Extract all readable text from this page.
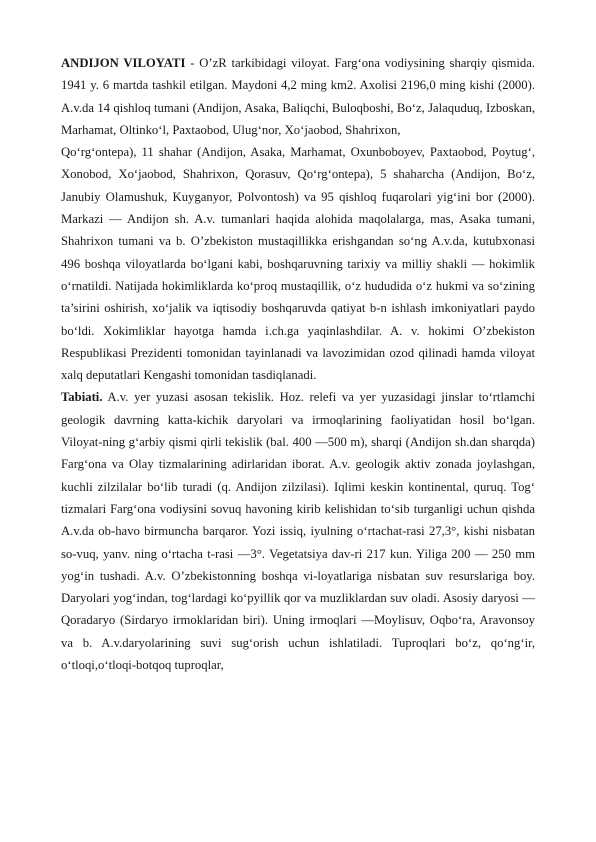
ANDIJON VILOYATI - O’zR tarkibidagi viloyat. Farg‘ona vodiysining sharqiy qismida. 1941 y. 6 martda tashkil etilgan. Maydoni 4,2 ming km2. Axolisi 2196,0 ming kishi (2000). A.v.da 14 qishloq tumani (Andijon, Asaka, Baliqchi, Buloqboshi, Bo‘z, Jalaquduq, Izboskan, Marhamat, Oltinko‘l, Paxtaobod, Ulug‘nor, Xo‘jaobod, Shahrixon,

Qo‘rg‘ontepa), 11 shahar (Andijon, Asaka, Marhamat, Oxunboboyev, Paxtaobod, Poytug‘, Xonobod, Xo‘jaobod, Shahrixon, Qorasuv, Qo‘rg‘ontepa), 5 shaharcha (Andijon, Bo‘z, Janubiy Olamushuk, Kuyganyor, Polvontosh) va 95 qishloq fuqarolari yig‘ini bor (2000). Markazi — Andijon sh. A.v. tumanlari haqida alohida maqolalarga, mas, Asaka tumani, Shahrixon tumani va b. O’zbekiston mustaqillikka erishgandan so‘ng A.v.da, kutubxonasi 496 boshqa viloyatlarda bo‘lgani kabi, boshqaruvning tarixiy va milliy shakli — hokimlik o‘rnatildi. Natijada hokimliklarda ko‘proq mustaqillik, o‘z hududida o‘z hukmi va so‘zining ta’sirini oshirish, xo‘jalik va iqtisodiy boshqaruvda qatiyat b-n ishlash imkoniyatlari paydo bo‘ldi. Xokimliklar hayotga hamda i.ch.ga yaqinlashdilar. A. v. hokimi O’zbekiston Respublikasi Prezidenti tomonidan tayinlanadi va lavozimidan ozod qilinadi hamda viloyat xalq deputatlari Kengashi tomonidan tasdiqlanadi.

Tabiati. A.v. yer yuzasi asosan tekislik. Hoz. relefi va yer yuzasidagi jinslar to‘rtlamchi geologik davrning katta-kichik daryolari va irmoqlarining faoliyatidan hosil bo‘lgan. Viloyat-ning g‘arbiy qismi qirli tekislik (bal. 400 —500 m), sharqi (Andijon sh.dan sharqda) Farg‘ona va Olay tizmalarining adirlaridan iborat. A.v. geologik aktiv zonada joylashgan, kuchli zilzilalar bo‘lib turadi (q. Andijon zilzilasi). Iqlimi keskin kontinental, quruq. Tog‘ tizmalari Farg‘ona vodiysini sovuq havoning kirib kelishidan to‘sib turganligi uchun qishda A.v.da ob-havo birmuncha barqaror. Yozi issiq, iyulning o‘rtachat-rasi 27,3°, kishi nisbatan so-vuq, yanv. ning o‘rtacha t-rasi —3°. Vegetatsiya dav-ri 217 kun. Yiliga 200 — 250 mm yog‘in tushadi. A.v. O’zbekistonning boshqa vi-loyatlariga nisbatan suv resurslariga boy. Daryolari yog‘indan, tog‘lardagi ko‘pyillik qor va muzliklardan suv oladi. Asosiy daryosi — Qoradaryo (Sirdaryo irmoklaridan biri). Uning irmoqlari —Moylisuv, Oqbo‘ra, Aravonsoy va b. A.v.daryolarining suvi sug‘orish uchun ishlatiladi. Tuproqlari bo‘z, qo‘ng‘ir, o‘tloqi,o‘tloqi-botqoq tuproqlar,
